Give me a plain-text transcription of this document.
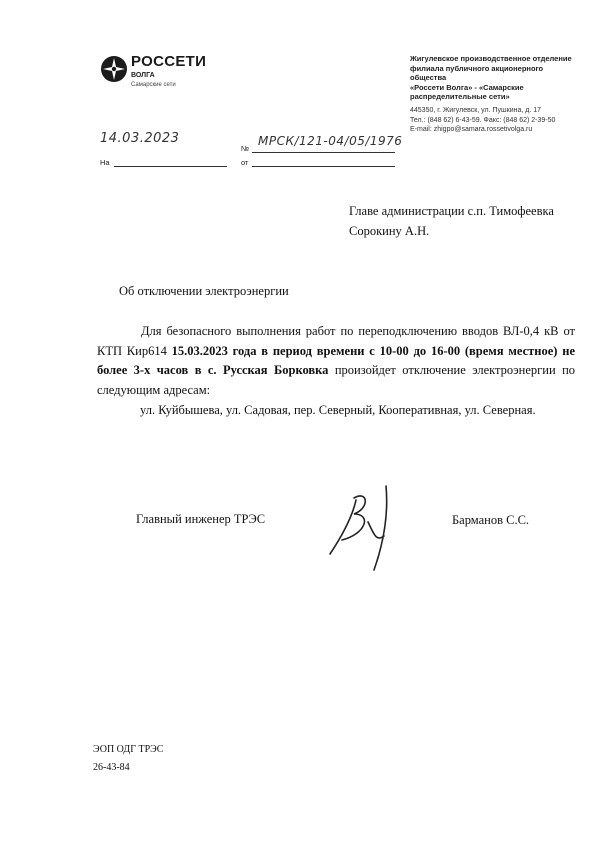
РОССЕТИ
ВОЛГА
Самарские сети
Жигулевское производственное отделение
филиала публичного акционерного общества
«Россети Волга» - «Самарские
распределительные сети»
445350, г. Жигулевск, ул. Пушкина, д. 17
Тел.: (848 62) 6-43-59. Факс: (848 62) 2-39-50
E-mail: zhigpo@samara.rossetivolga.ru
14.03.2023
На
№
МРСК/121-04/05/1976
от
Главе администрации с.п. Тимофеевка
Сорокину А.Н.
Об отключении электроэнергии
Для безопасного выполнения работ по переподключению вводов ВЛ-0,4 кВ от КТП Кир614 15.03.2023 года в период времени с 10-00 до 16-00 (время местное) не более 3-х часов в с. Русская Борковка произойдет отключение электроэнергии по следующим адресам:
ул. Куйбышева, ул. Садовая, пер. Северный, Кооперативная, ул. Северная.
Главный инженер ТРЭС	Барманов С.С.
ЭОП ОДГ ТРЭС
26-43-84
